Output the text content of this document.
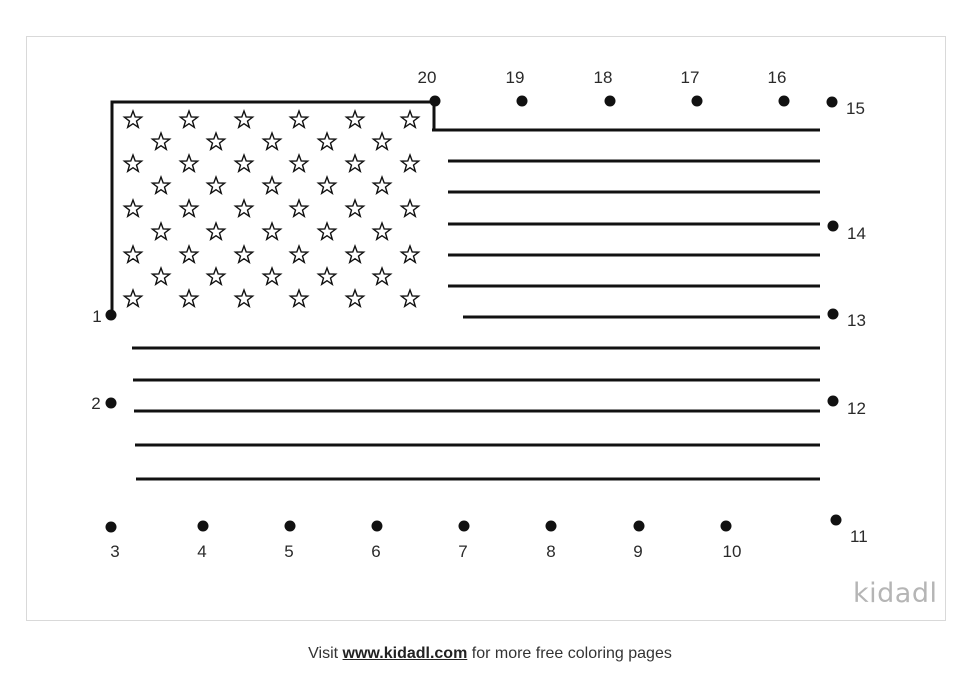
1
2
3	4	5	6	7	8	9	10
11
12
13
14
15
16
17
18
19
20
kidadl
Visit www.kidadl.com for more free coloring pages
